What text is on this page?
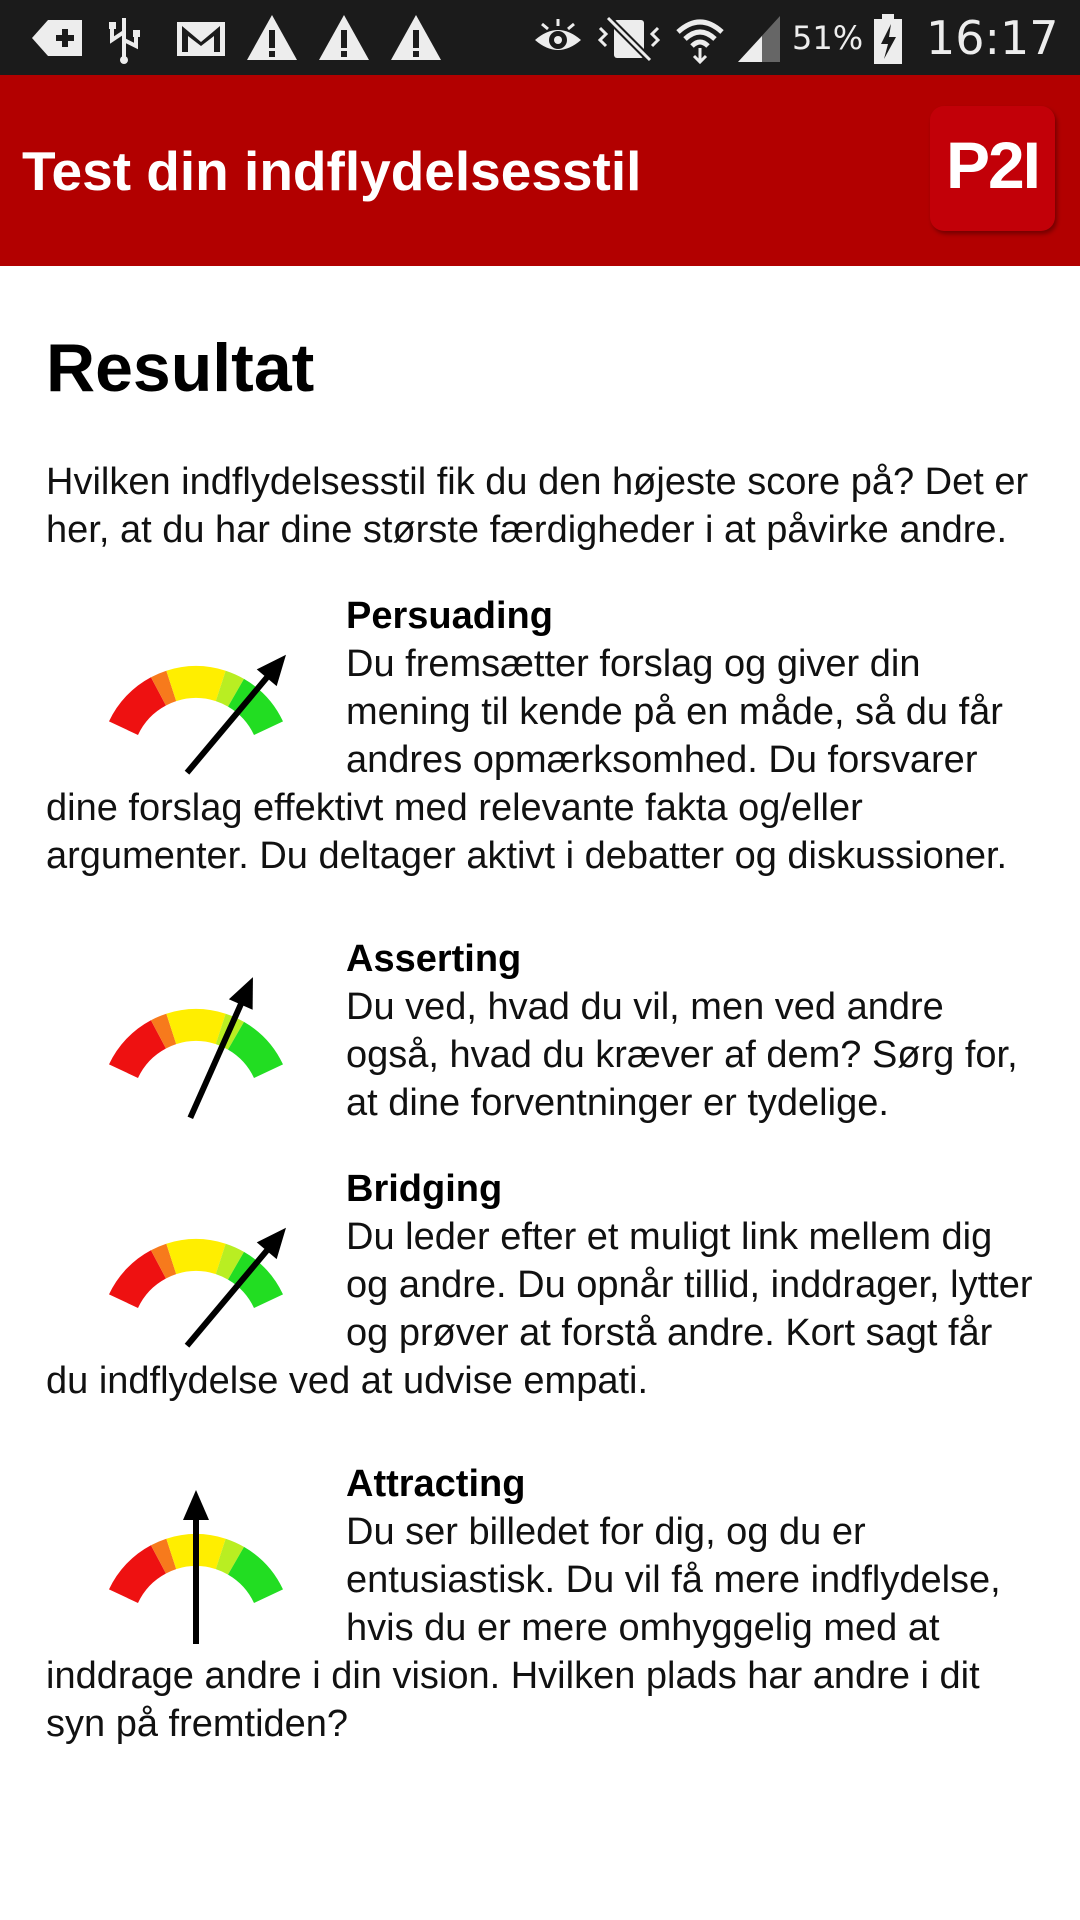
51% 16:17
Test din indflydelsesstil	P2I
Resultat
Hvilken indflydelsesstil fik du den højeste score på? Det er her, at du har dine største færdigheder i at påvirke andre.
Persuading
Du fremsætter forslag og giver din mening til kende på en måde, så du får andres opmærksomhed. Du forsvarer dine forslag effektivt med relevante fakta og/eller argumenter. Du deltager aktivt i debatter og diskussioner.
Asserting
Du ved, hvad du vil, men ved andre også, hvad du kræver af dem? Sørg for, at dine forventninger er tydelige.
Bridging
Du leder efter et muligt link mellem dig og andre. Du opnår tillid, inddrager, lytter og prøver at forstå andre. Kort sagt får du indflydelse ved at udvise empati.
Attracting
Du ser billedet for dig, og du er entusiastisk. Du vil få mere indflydelse, hvis du er mere omhyggelig med at inddrage andre i din vision. Hvilken plads har andre i dit syn på fremtiden?
